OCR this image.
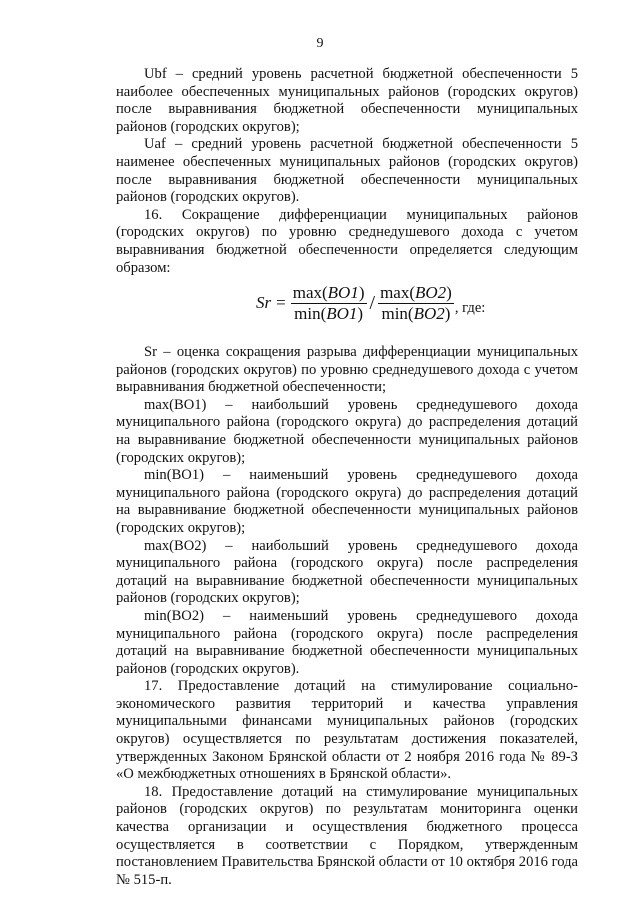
9

Ubf – средний уровень расчетной бюджетной обеспеченности 5 наиболее обеспеченных муниципальных районов (городских округов) после выравнивания бюджетной обеспеченности муниципальных районов (городских округов);

Uaf – средний уровень расчетной бюджетной обеспеченности 5 наименее обеспеченных муниципальных районов (городских округов) после выравнивания бюджетной обеспеченности муниципальных районов (городских округов).

16. Сокращение дифференциации муниципальных районов (городских округов) по уровню среднедушевого дохода с учетом выравнивания бюджетной обеспеченности определяется следующим образом:

$Sr = \frac{\max(BO1)}{\min(BO1)} / \frac{\max(BO2)}{\min(BO2)}$ , где:

Sr – оценка сокращения разрыва дифференциации муниципальных районов (городских округов) по уровню среднедушевого дохода с учетом выравнивания бюджетной обеспеченности;

max(BO1) – наибольший уровень среднедушевого дохода муниципального района (городского округа) до распределения дотаций на выравнивание бюджетной обеспеченности муниципальных районов (городских округов);

min(BO1) – наименьший уровень среднедушевого дохода муниципального района (городского округа) до распределения дотаций на выравнивание бюджетной обеспеченности муниципальных районов (городских округов);

max(BO2) – наибольший уровень среднедушевого дохода муниципального района (городского округа) после распределения дотаций на выравнивание бюджетной обеспеченности муниципальных районов (городских округов);

min(BO2) – наименьший уровень среднедушевого дохода муниципального района (городского округа) после распределения дотаций на выравнивание бюджетной обеспеченности муниципальных районов (городских округов).

17. Предоставление дотаций на стимулирование социально-экономического развития территорий и качества управления муниципальными финансами муниципальных районов (городских округов) осуществляется по результатам достижения показателей, утвержденных Законом Брянской области от 2 ноября 2016 года № 89-З «О межбюджетных отношениях в Брянской области».

18. Предоставление дотаций на стимулирование муниципальных районов (городских округов) по результатам мониторинга оценки качества организации и осуществления бюджетного процесса осуществляется в соответствии с Порядком, утвержденным постановлением Правительства Брянской области от 10 октября 2016 года № 515-п.
